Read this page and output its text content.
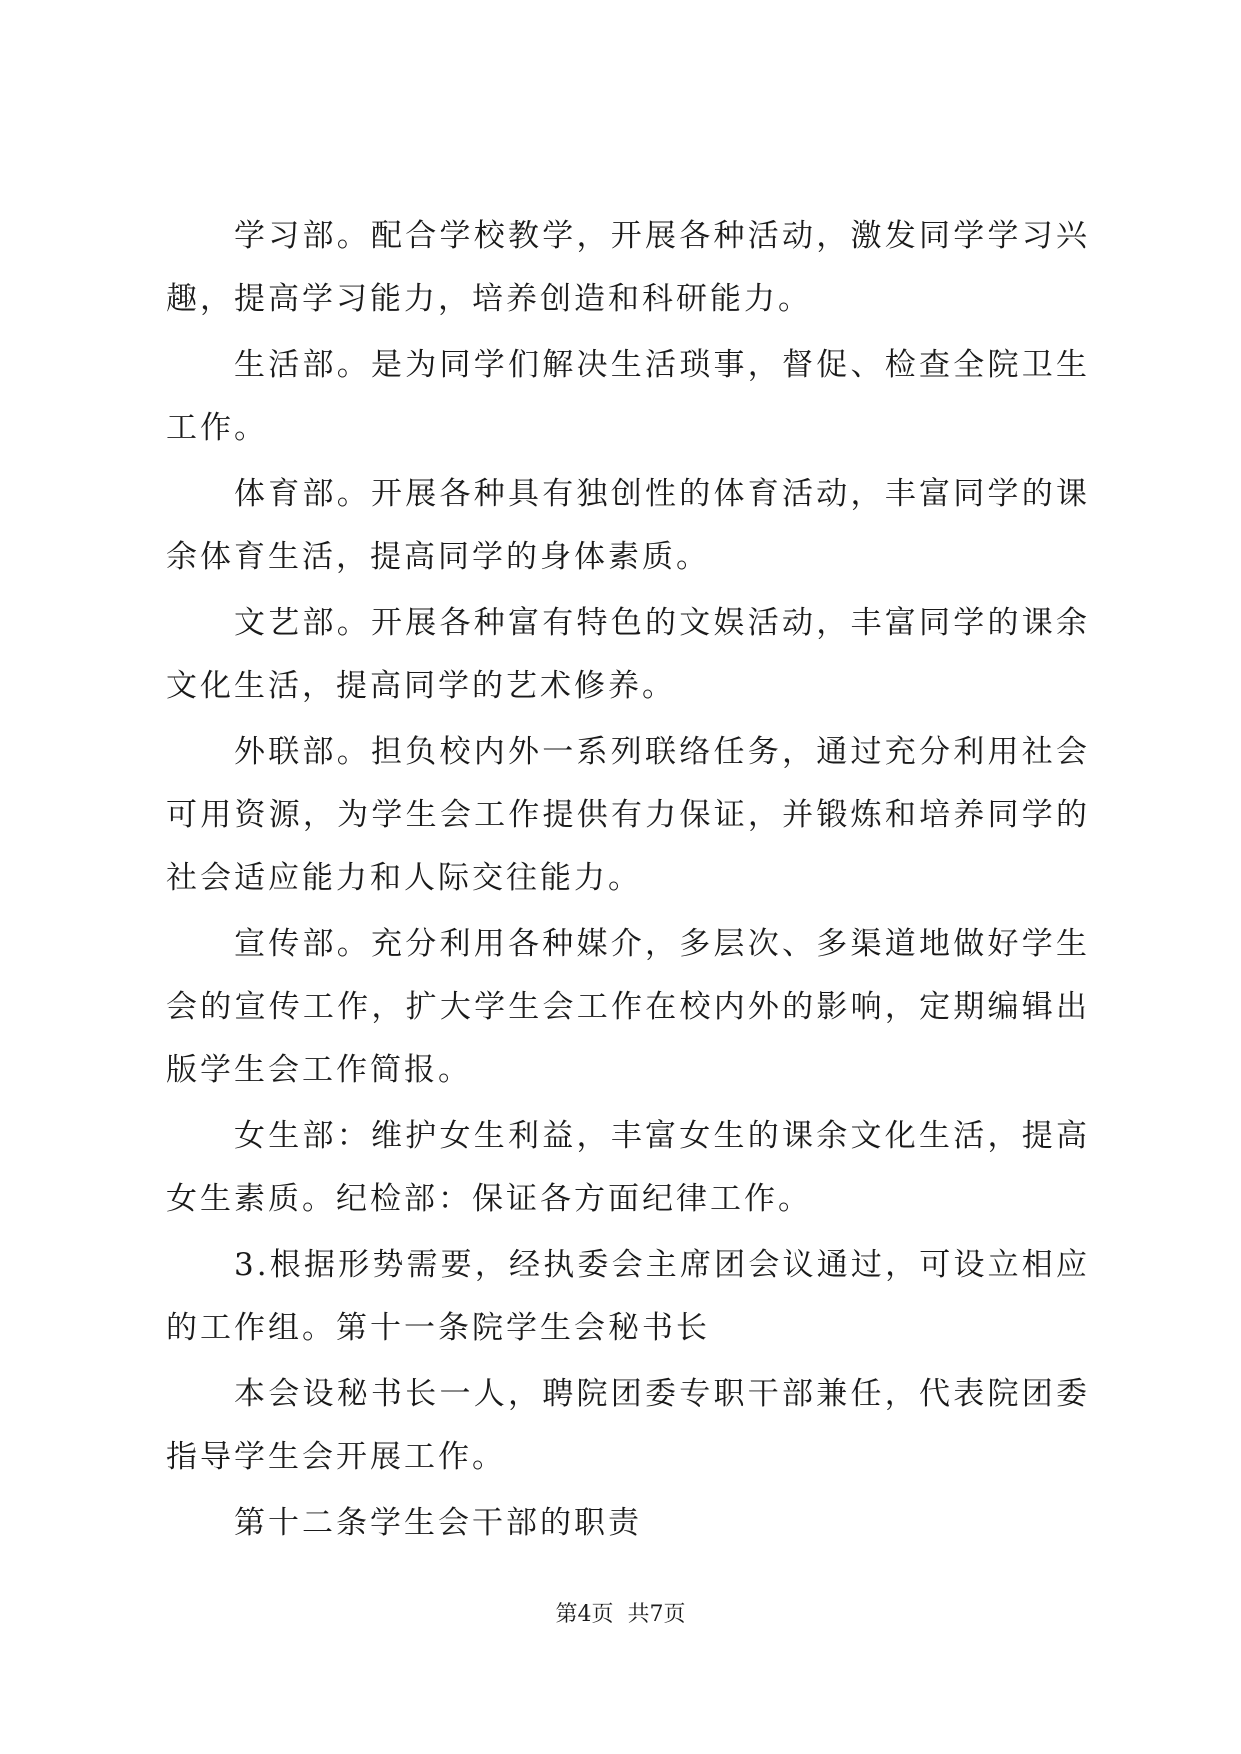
学习部。配合学校教学，开展各种活动，激发同学学习兴趣，提高学习能力，培养创造和科研能力。

生活部。是为同学们解决生活琐事，督促、检查全院卫生工作。

体育部。开展各种具有独创性的体育活动，丰富同学的课余体育生活，提高同学的身体素质。

文艺部。开展各种富有特色的文娱活动，丰富同学的课余文化生活，提高同学的艺术修养。

外联部。担负校内外一系列联络任务，通过充分利用社会可用资源，为学生会工作提供有力保证，并锻炼和培养同学的社会适应能力和人际交往能力。

宣传部。充分利用各种媒介，多层次、多渠道地做好学生会的宣传工作，扩大学生会工作在校内外的影响，定期编辑出版学生会工作简报。

女生部：维护女生利益，丰富女生的课余文化生活，提高女生素质。纪检部：保证各方面纪律工作。

3.根据形势需要，经执委会主席团会议通过，可设立相应的工作组。第十一条院学生会秘书长

本会设秘书长一人，聘院团委专职干部兼任，代表院团委指导学生会开展工作。

第十二条学生会干部的职责

第4页 共7页
